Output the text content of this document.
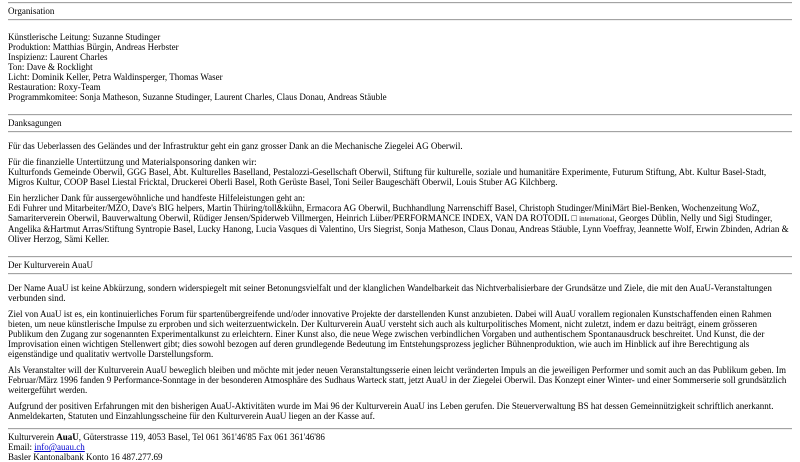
Organisation
Künstlerische Leitung: Suzanne Studinger
Produktion: Matthias Bürgin, Andreas Herbster
Inspizienz: Laurent Charles
Ton: Dave & Rocklight
Licht: Dominik Keller, Petra Waldinsperger, Thomas Waser
Restauration: Roxy-Team
Programmkomitee: Sonja Matheson, Suzanne Studinger, Laurent Charles, Claus Donau, Andreas Stäuble
Danksagungen

Für das Ueberlassen des Geländes und der Infrastruktur geht ein ganz grosser Dank an die Mechanische Ziegelei AG Oberwil.

Für die finanzielle Untertützung und Materialsponsoring danken wir:
Kulturfonds Gemeinde Oberwil, GGG Basel, Abt. Kulturelles Baselland, Pestalozzi-Gesellschaft Oberwil, Stiftung für kulturelle, soziale und humanitäre Experimente, Futurum Stiftung, Abt. Kultur Basel-Stadt, Migros Kultur, COOP Basel Liestal Fricktal, Druckerei Oberli Basel, Roth Gerüste Basel, Toni Seiler Baugeschäft Oberwil, Louis Stuber AG Kilchberg.

Ein herzlicher Dank für aussergewöhnliche und handfeste Hilfeleistungen geht an:
Edi Fuhrer und Mitarbeiter/MZO, Dave's BIG helpers, Martin Thüring/toll&kühn, Ermacora AG Oberwil, Buchhandlung Narrenschiff Basel, Christoph Studinger/MiniMärt Biel-Benken, Wochenzeitung WoZ, Samariterverein Oberwil, Bauverwaltung Oberwil, Rüdiger Jensen/Spiderweb Villmergen, Heinrich Lüber/PERFORMANCE INDEX, VAN DA ROTODIL □ international, Georges Düblin, Nelly und Sigi Studinger, Angelika &Hartmut Arras/Stiftung Syntropie Basel, Lucky Hanong, Lucia Vasques di Valentino, Urs Siegrist, Sonja Matheson, Claus Donau, Andreas Stäuble, Lynn Voeffray, Jeannette Wolf, Erwin Zbinden, Adrian & Oliver Herzog, Sämi Keller.

Der Kulturverein AuaU

Der Name AuaU ist keine Abkürzung, sondern widerspiegelt mit seiner Betonungsvielfalt und der klanglichen Wandelbarkeit das Nichtverbalisierbare der Grundsätze und Ziele, die mit den AuaU-Veranstaltungen verbunden sind.

Ziel von AuaU ist es, ein kontinuierliches Forum für spartenübergreifende und/oder innovative Projekte der darstellenden Kunst anzubieten. Dabei will AuaU vorallem regionalen Kunstschaffenden einen Rahmen bieten, um neue künstlerische Impulse zu erproben und sich weiterzuentwickeln. Der Kulturverein AuaU versteht sich auch als kulturpolitisches Moment, nicht zuletzt, indem er dazu beiträgt, einem grösseren Publikum den Zugang zur sogenannten Experimentalkunst zu erleichtern. Einer Kunst also, die neue Wege zwischen verbindlichen Vorgaben und authentischem Spontanausdruck beschreitet. Und Kunst, die der Improvisation einen wichtigen Stellenwert gibt; dies sowohl bezogen auf deren grundlegende Bedeutung im Entstehungsprozess jeglicher Bühnenproduktion, wie auch im Hinblick auf ihre Berechtigung als eigenständige und qualitativ wertvolle Darstellungsform.

Als Veranstalter will der Kulturverein AuaU beweglich bleiben und möchte mit jeder neuen Veranstaltungsserie einen leicht veränderten Impuls an die jeweiligen Performer und somit auch an das Publikum geben. Im Februar/März 1996 fanden 9 Performance-Sonntage in der besonderen Atmosphäre des Sudhaus Warteck statt, jetzt AuaU in der Ziegelei Oberwil. Das Konzept einer Winter- und einer Sommerserie soll grundsätzlich weitergeführt werden.

Aufgrund der positiven Erfahrungen mit den bisherigen AuaU-Aktivitäten wurde im Mai 96 der Kulturverein AuaU ins Leben gerufen. Die Steuerverwaltung BS hat dessen Gemeinnützigkeit schriftlich anerkannt. Anmeldekarten, Statuten und Einzahlungsscheine für den Kulturverein AuaU liegen an der Kasse auf.

Kulturverein AuaU, Güterstrasse 119, 4053 Basel, Tel 061 361'46'85 Fax 061 361'46'86
Email: info@auau.ch
Basler Kantonalbank Konto 16 487.277.69
